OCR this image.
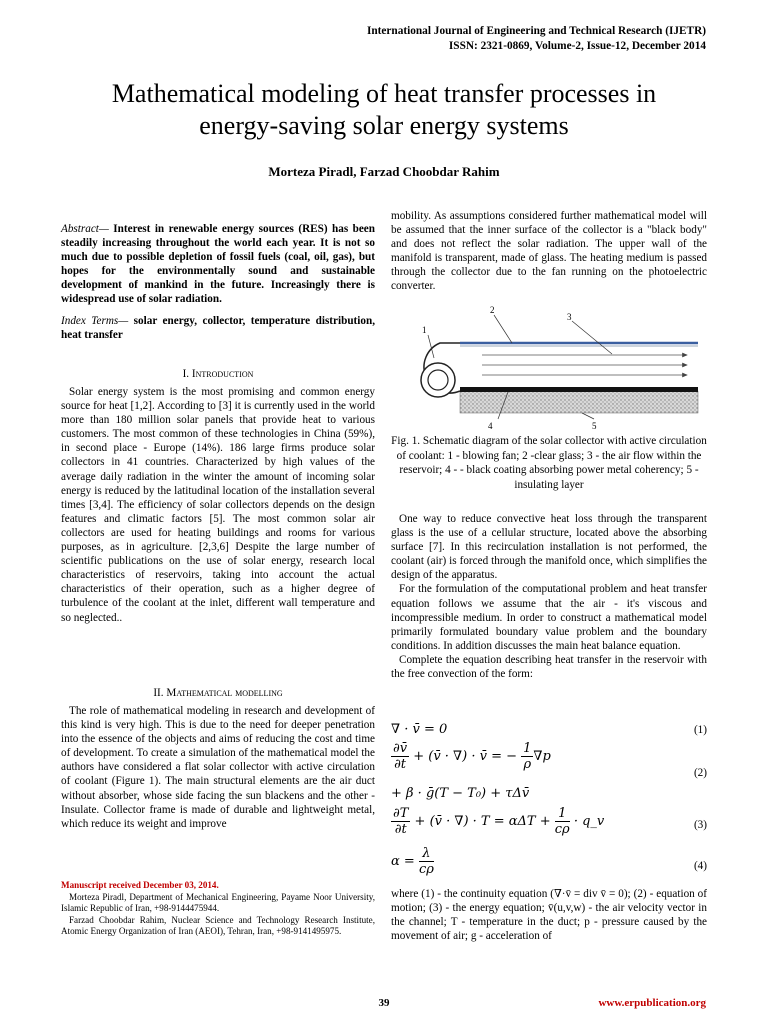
International Journal of Engineering and Technical Research (IJETR)
ISSN: 2321-0869, Volume-2, Issue-12, December 2014
Mathematical modeling of heat transfer processes in
energy-saving solar energy systems
Morteza Piradl, Farzad Choobdar Rahim
Abstract— Interest in renewable energy sources (RES) has been steadily increasing throughout the world each year. It is not so much due to possible depletion of fossil fuels (coal, oil, gas), but hopes for the environmentally sound and sustainable development of mankind in the future. Increasingly there is widespread use of solar radiation.
Index Terms— solar energy, collector, temperature distribution, heat transfer
I. Introduction

Solar energy system is the most promising and common energy source for heat [1,2]. According to [3] it is currently used in the world more than 180 million solar panels that provide heat to various customers. The most common of these technologies in China (59%), in second place - Europe (14%). 186 large firms produce solar collectors in 41 countries. Characterized by high values of the average daily radiation in the winter the amount of incoming solar energy is reduced by the latitudinal location of the installation several times [3,4]. The efficiency of solar collectors depends on the design features and climatic factors [5]. The most common solar air collectors are used for heating buildings and rooms for various purposes, as in agriculture. [2,3,6] Despite the large number of scientific publications on the use of solar energy, research local characteristics of reservoirs, taking into account the actual characteristics of their operation, such as a higher degree of turbulence of the coolant at the inlet, different wall temperature and so neglected..

II. Mathematical modelling

The role of mathematical modeling in research and development of this kind is very high. This is due to the need for deeper penetration into the essence of the objects and aims of reducing the cost and time of development. To create a simulation of the mathematical model the authors have considered a flat solar collector with active circulation of coolant (Figure 1). The main structural elements are the air duct without absorber, whose side facing the sun blackens and the other - Insulate. Collector frame is made of durable and lightweight metal, which reduce its weight and improve

Manuscript received December 03, 2014.

Morteza Piradl, Department of Mechanical Engineering, Payame Noor University, Islamic Republic of Iran, +98-9144475944.

Farzad Choobdar Rahim, Nuclear Science and Technology Research Institute, Atomic Energy Organization of Iran (AEOI), Tehran, Iran, +98-9141495975.

mobility. As assumptions considered further mathematical model will be assumed that the inner surface of the collector is a "black body" and does not reflect the solar radiation. The upper wall of the manifold is transparent, made of glass. The heating medium is passed through the collector due to the fan running on the photoelectric converter.
1
2
3
4	5
Fig. 1. Schematic diagram of the solar collector with active circulation of coolant: 1 - blowing fan; 2 -clear glass; 3 - the air flow within the reservoir; 4 - - black coating absorbing power metal coherency; 5 - insulating layer

One way to reduce convective heat loss through the transparent glass is the use of a cellular structure, located above the absorbing surface [7]. In this recirculation installation is not performed, the coolant (air) is forced through the manifold once, which simplifies the design of the apparatus.

For the formulation of the computational problem and heat transfer equation follows we assume that the air - it's viscous and incompressible medium. In order to construct a mathematical model primarily formulated boundary value problem and the boundary conditions. In addition discusses the main heat balance equation.

Complete the equation describing heat transfer in the reservoir with the free convection of the form:

∇ · v̄ = 0	(1)
$\frac{\partial v̄}{\partial t}$ + (v̄ · ∇) · v̄ = − $\frac{1}{\rho} \nabla p$
(2)
+ β · ḡ(T − T₀) + τΔv̄
$\frac{\partial T}{\partial t}$ + (v̄ · ∇) · $T = \alpha\Delta T + \frac{1}{c\rho}$ · q_v	(3)
$\alpha = \frac{\lambda}{c\rho}$	(4)
where (1) - the continuity equation (∇·v̄ = div v̄ = 0); (2) - equation of motion; (3) - the energy equation; v̄(u,v,w) - the air velocity vector in the channel; T - temperature in the duct; p - pressure caused by the movement of air; g - acceleration of
39	www.erpublication.org
